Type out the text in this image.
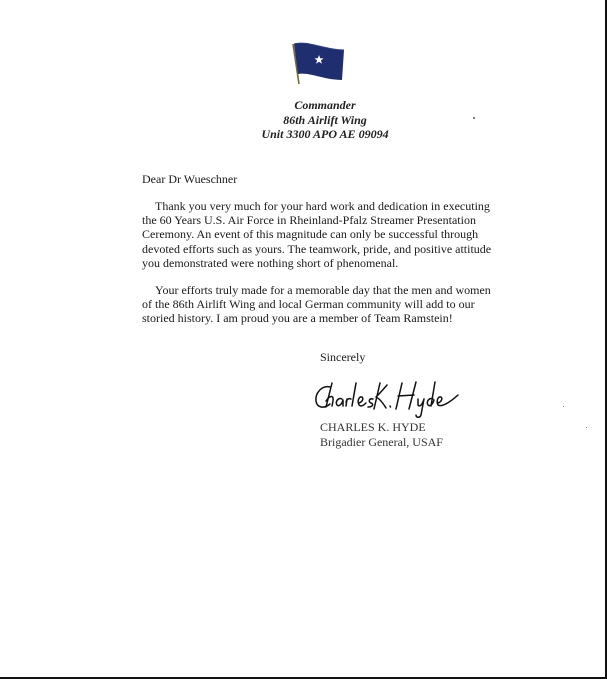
Commander
86th Airlift Wing
Unit 3300 APO AE 09094
Dear Dr Wueschner
Thank you very much for your hard work and dedication in executing
the 60 Years U.S. Air Force in Rheinland-Pfalz Streamer Presentation
Ceremony. An event of this magnitude can only be successful through
devoted efforts such as yours. The teamwork, pride, and positive attitude
you demonstrated were nothing short of phenomenal.
Your efforts truly made for a memorable day that the men and women
of the 86th Airlift Wing and local German community will add to our
storied history. I am proud you are a member of Team Ramstein!
Sincerely
CHARLES K. HYDE
Brigadier General, USAF
